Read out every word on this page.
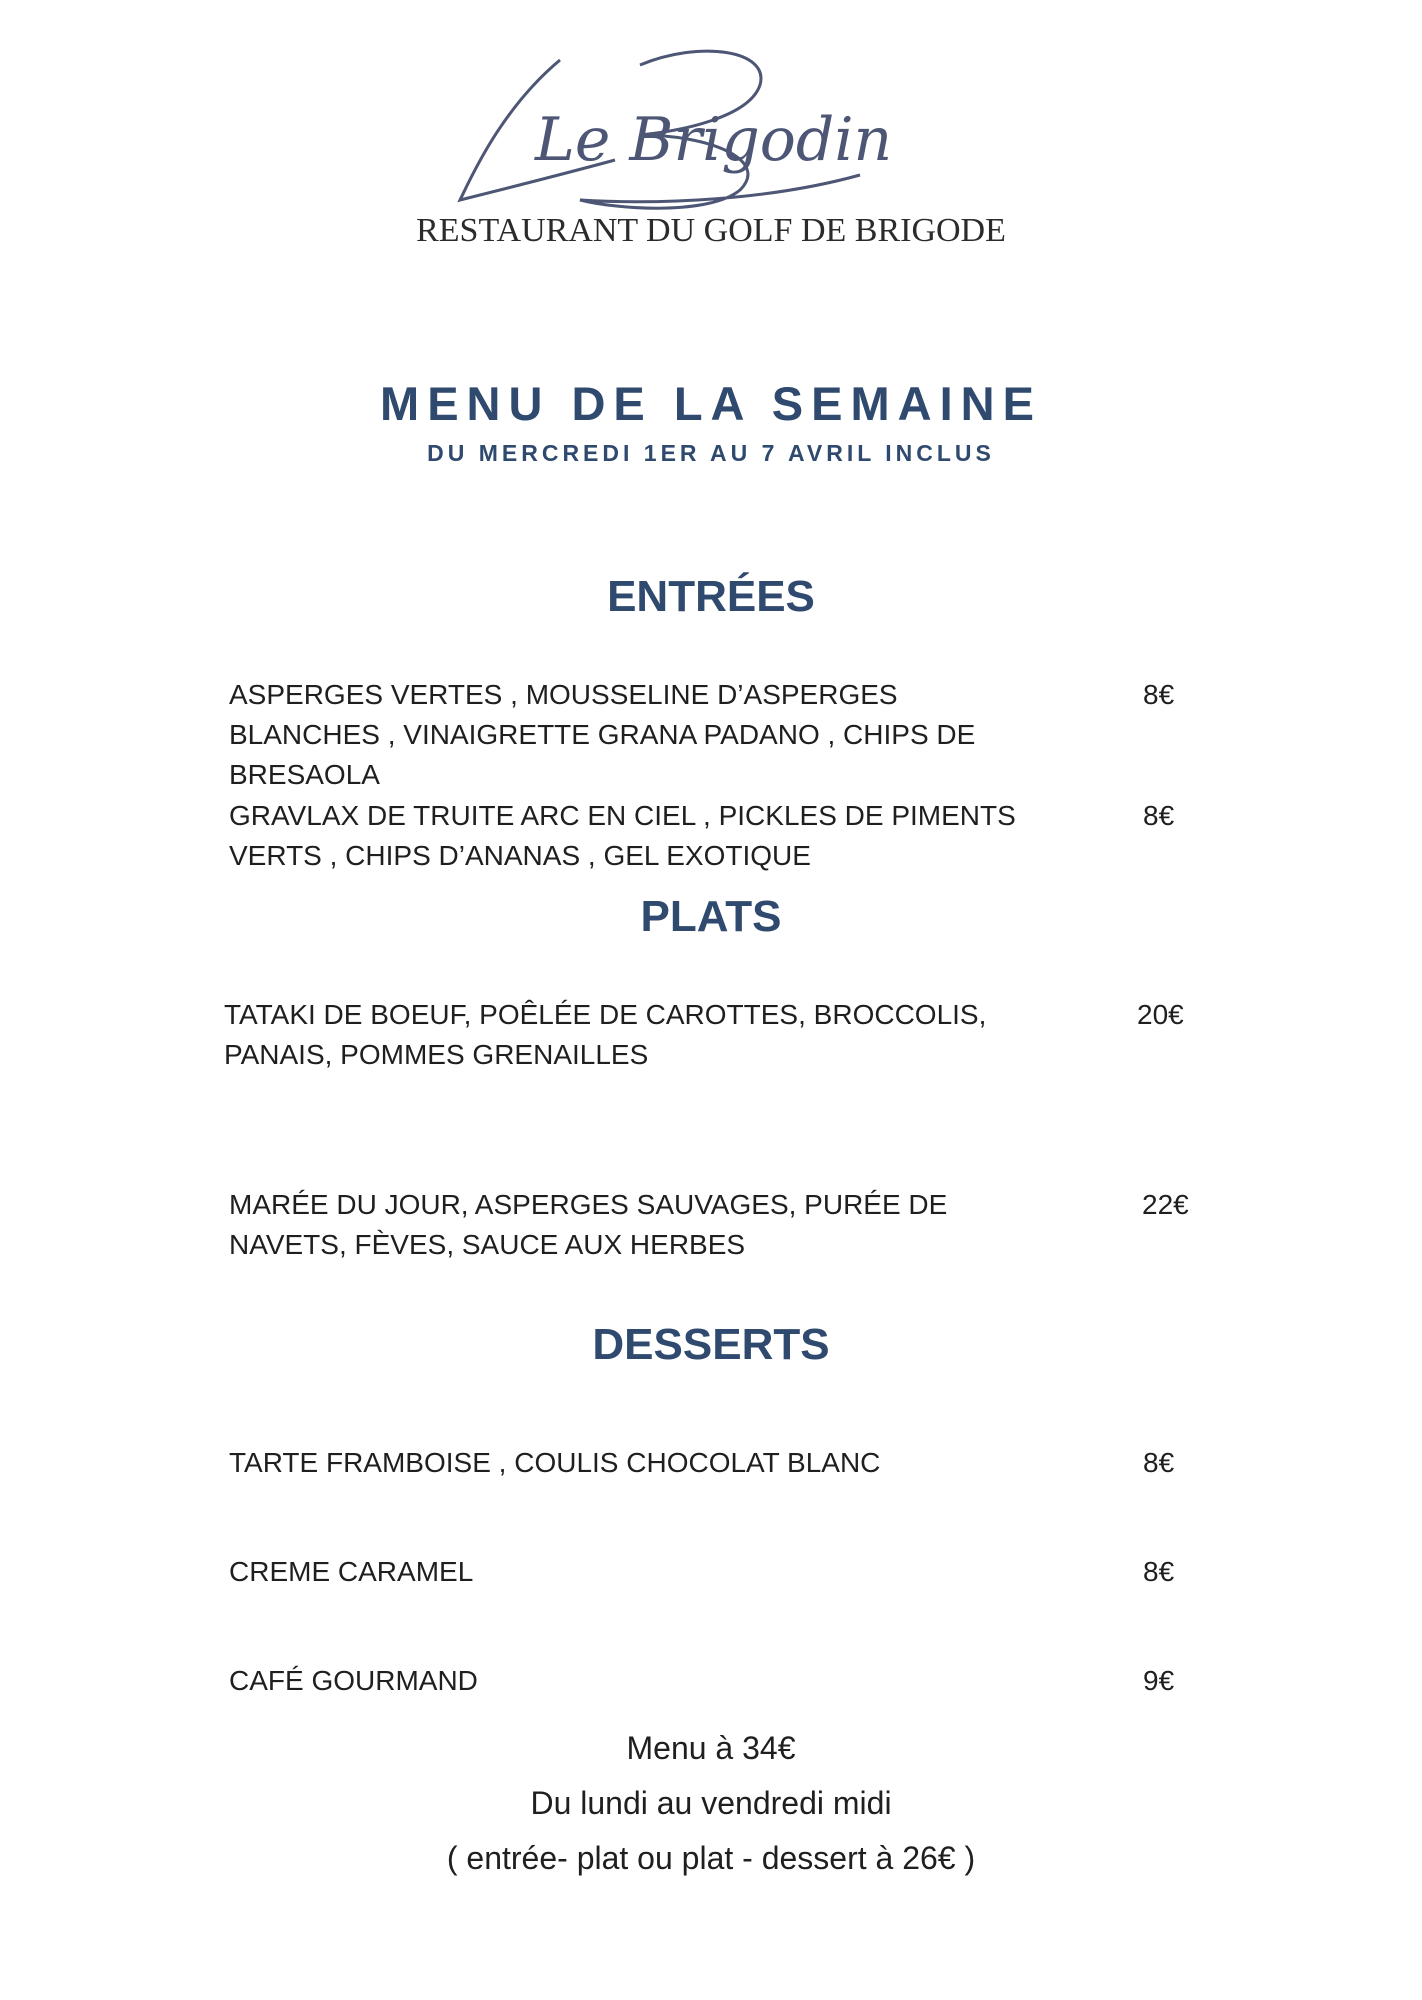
Le Brigodin
RESTAURANT DU GOLF DE BRIGODE
MENU DE LA SEMAINE
DU MERCREDI 1ER AU 7 AVRIL INCLUS
ENTRÉES
ASPERGES VERTES , MOUSSELINE D’ASPERGES
BLANCHES , VINAIGRETTE GRANA PADANO , CHIPS DE
BRESAOLA
8€
GRAVLAX DE TRUITE ARC EN CIEL , PICKLES DE PIMENTS
VERTS , CHIPS D’ANANAS , GEL EXOTIQUE
8€
PLATS
TATAKI DE BOEUF, POÊLÉE DE CAROTTES, BROCCOLIS,
PANAIS, POMMES GRENAILLES
20€
MARÉE DU JOUR, ASPERGES SAUVAGES, PURÉE DE
NAVETS, FÈVES, SAUCE AUX HERBES
22€
DESSERTS
TARTE FRAMBOISE , COULIS CHOCOLAT BLANC	8€
CREME CARAMEL	8€
CAFÉ GOURMAND	9€
Menu à 34€
Du lundi au vendredi midi
( entrée- plat ou plat - dessert à 26€ )
